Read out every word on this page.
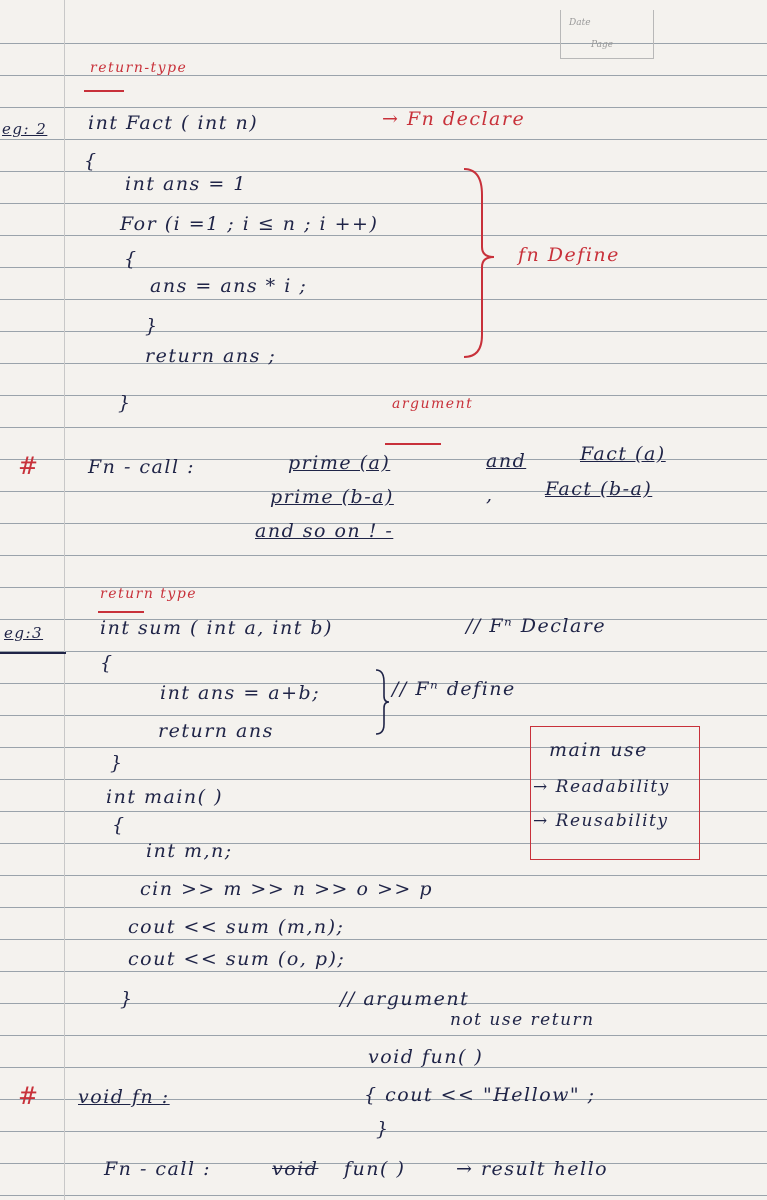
Date
Page
return-type
eg: 2 int Fact ( int n)	→ Fn declare
{
int ans = 1
For (i =1 ; i ≤ n ; i ++)
{
ans = ans * i ;
}
return ans ;
}
fn Define
argument
#	Fn - call :	prime (a)	and	Fact (a)
prime (b-a)	,	Fact (b-a)
and so on ! -
return type
eg:3	int sum ( int a, int b)	// Fⁿ Declare
{
int ans = a+b;
return ans
// Fⁿ define
}
int main( )
{
int m,n;
cin >> m >> n >> o >> p
cout << sum (m,n);
cout << sum (o, p);
}	// argument
main use
→ Readability
→ Reusability
not use return
void fun( )
# void fn :	{ cout << "Hellow" ;
}
Fn - call :	void fun( )	→ result hello
